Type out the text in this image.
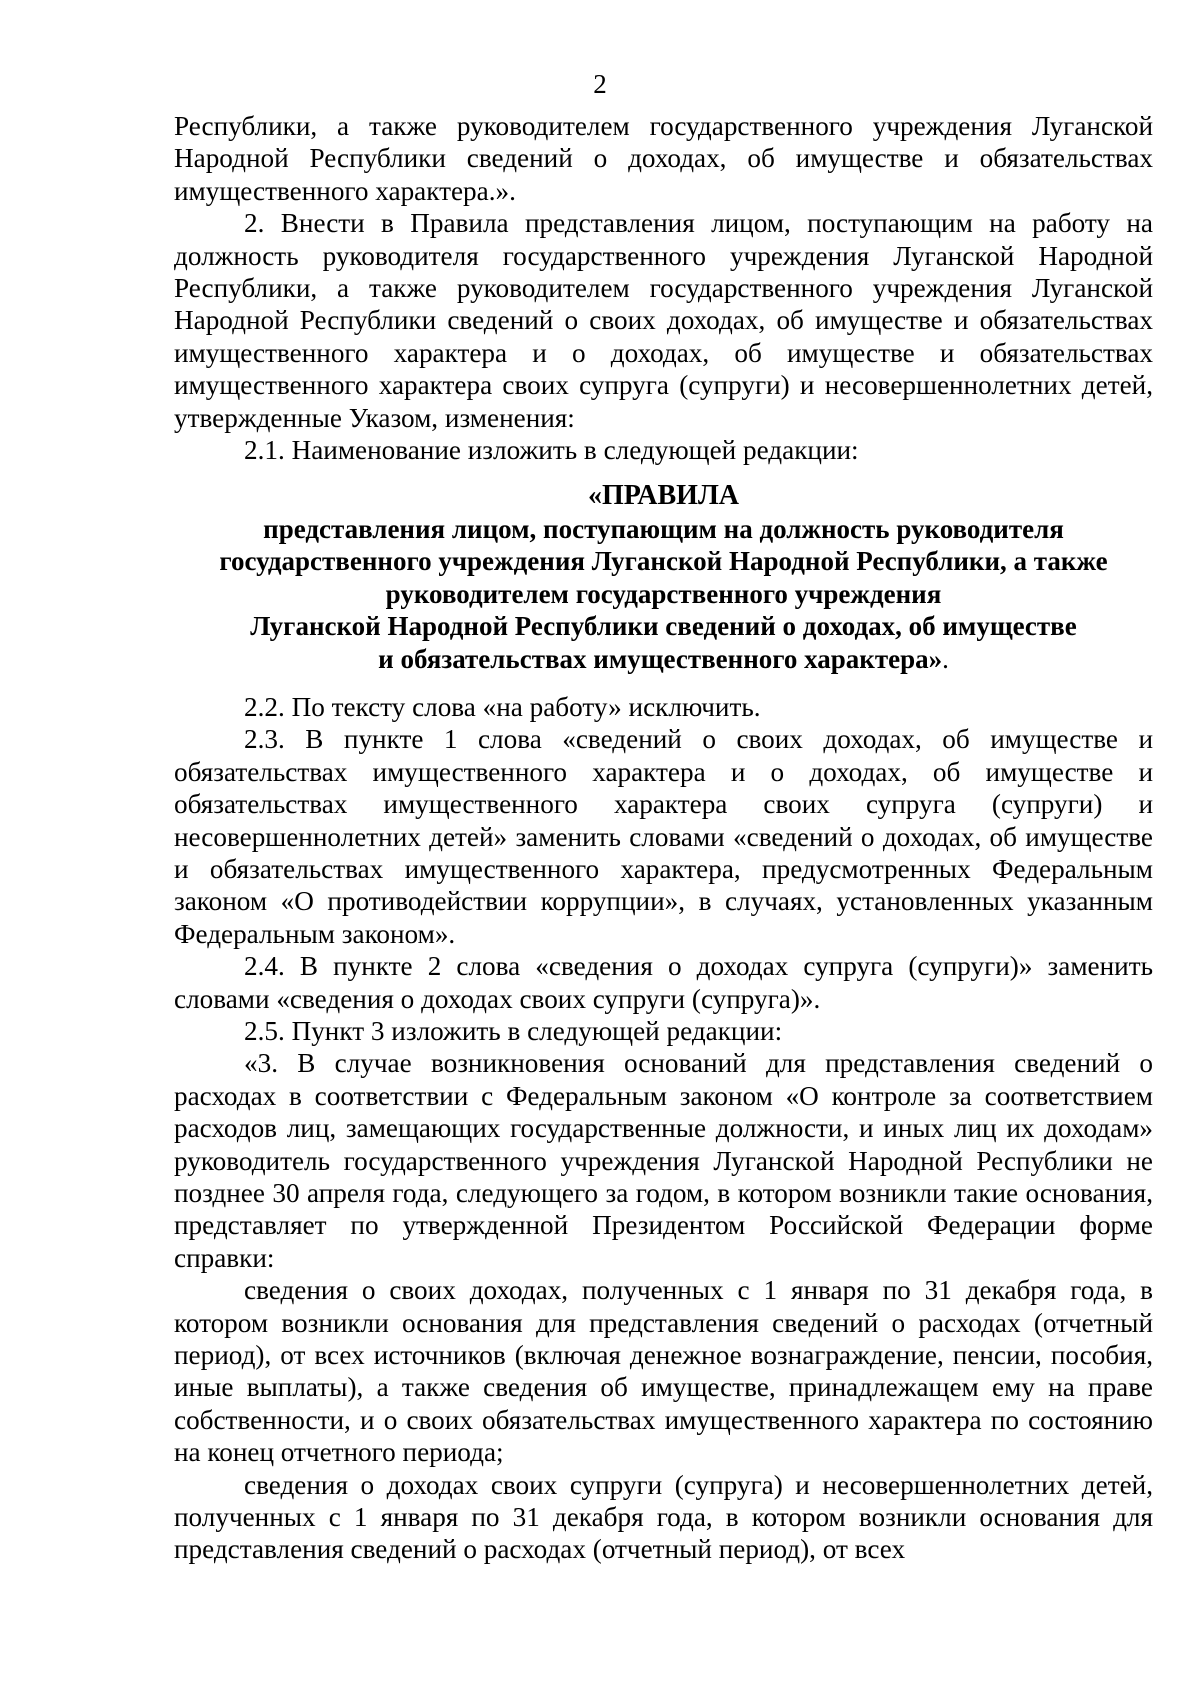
2

Республики, а также руководителем государственного учреждения Луганской Народной Республики сведений о доходах, об имуществе и обязательствах имущественного характера.».

2. Внести в Правила представления лицом, поступающим на работу на должность руководителя государственного учреждения Луганской Народной Республики, а также руководителем государственного учреждения Луганской Народной Республики сведений о своих доходах, об имуществе и обязательствах имущественного характера и о доходах, об имуществе и обязательствах имущественного характера своих супруга (супруги) и несовершеннолетних детей, утвержденные Указом, изменения:

2.1. Наименование изложить в следующей редакции:

«ПРАВИЛА
представления лицом, поступающим на должность руководителя
государственного учреждения Луганской Народной Республики, а также
руководителем государственного учреждения
Луганской Народной Республики сведений о доходах, об имуществе
и обязательствах имущественного характера».

2.2. По тексту слова «на работу» исключить.

2.3. В пункте 1 слова «сведений о своих доходах, об имуществе и обязательствах имущественного характера и о доходах, об имуществе и обязательствах имущественного характера своих супруга (супруги) и несовершеннолетних детей» заменить словами «сведений о доходах, об имуществе и обязательствах имущественного характера, предусмотренных Федеральным законом «О противодействии коррупции», в случаях, установленных указанным Федеральным законом».

2.4. В пункте 2 слова «сведения о доходах супруга (супруги)» заменить словами «сведения о доходах своих супруги (супруга)».

2.5. Пункт 3 изложить в следующей редакции:

«3. В случае возникновения оснований для представления сведений о расходах в соответствии с Федеральным законом «О контроле за соответствием расходов лиц, замещающих государственные должности, и иных лиц их доходам» руководитель государственного учреждения Луганской Народной Республики не позднее 30 апреля года, следующего за годом, в котором возникли такие основания, представляет по утвержденной Президентом Российской Федерации форме справки:

сведения о своих доходах, полученных с 1 января по 31 декабря года, в котором возникли основания для представления сведений о расходах (отчетный период), от всех источников (включая денежное вознаграждение, пенсии, пособия, иные выплаты), а также сведения об имуществе, принадлежащем ему на праве собственности, и о своих обязательствах имущественного характера по состоянию на конец отчетного периода;

сведения о доходах своих супруги (супруга) и несовершеннолетних детей, полученных с 1 января по 31 декабря года, в котором возникли основания для представления сведений о расходах (отчетный период), от всех
